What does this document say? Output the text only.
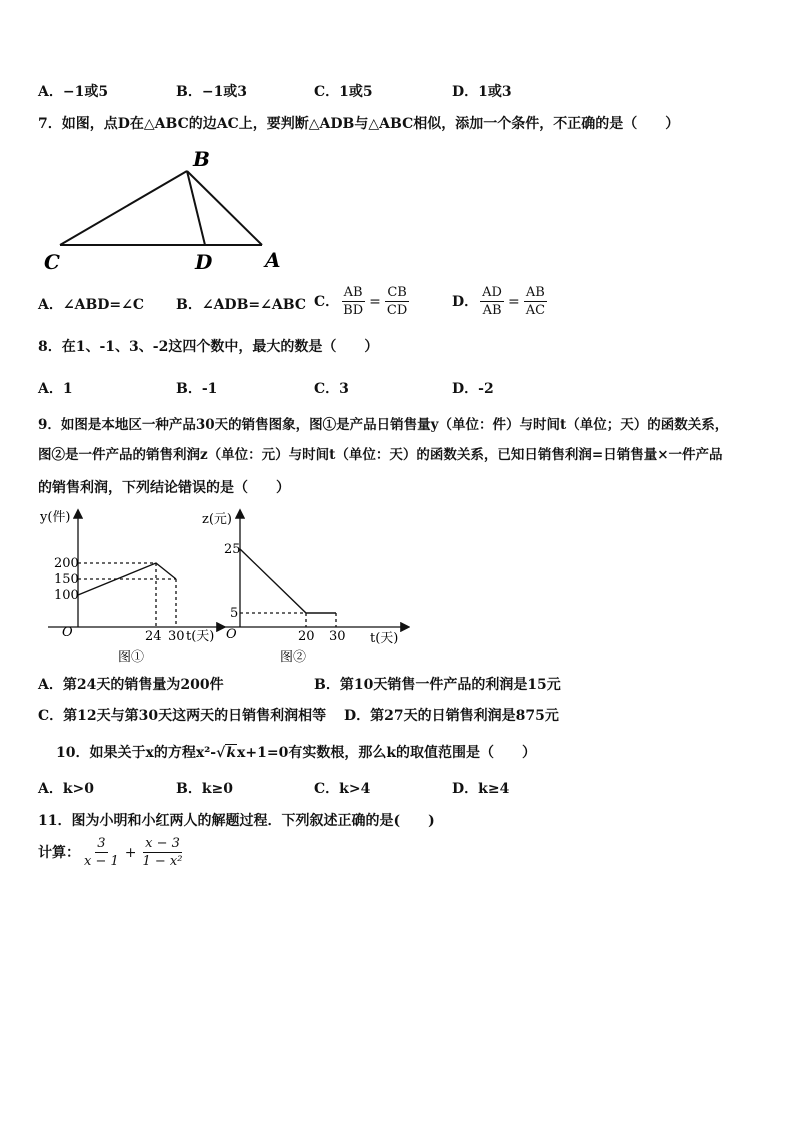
A．−1或5	B．−1或3	C．1或5	D．1或3
7．如图，点D在△ABC的边AC上，要判断△ADB与△ABC相似，添加一个条件，不正确的是（　　）
B
C	D	A
A．∠ABD=∠C B．∠ADB=∠ABC C． $\frac{AB}{BD} = \frac{CB}{CD}$	D． $\frac{AD}{AB} = \frac{AB}{AC}$
8．在1、-1、3、-2这四个数中，最大的数是（　　）
A．1	B．-1	C．3	D．-2
9．如图是本地区一种产品30天的销售图象，图①是产品日销售量y（单位：件）与时间t（单位；天）的函数关系，
图②是一件产品的销售利润z（单位：元）与时间t（单位：天）的函数关系，已知日销售利润=日销售量×一件产品
的销售利润，下列结论错误的是（　　）
y(件)
200
150
100
O	24 30 t(天)
图①
z(元)
25
5
O	20 30 t(天)
图②
A．第24天的销售量为200件	B．第10天销售一件产品的利润是15元
C．第12天与第30天这两天的日销售利润相等 D．第27天的日销售利润是875元
10．如果关于x的方程x²-√kx+1=0有实数根，那么k的取值范围是（　　）
A．k>0	B．k≥0	C．k>4	D．k≥4
11．图为小明和小红两人的解题过程．下列叙述正确的是(　　)
计算： $\frac{3}{x - 1} + \frac{x - 3}{\text{1 − x²}}$
